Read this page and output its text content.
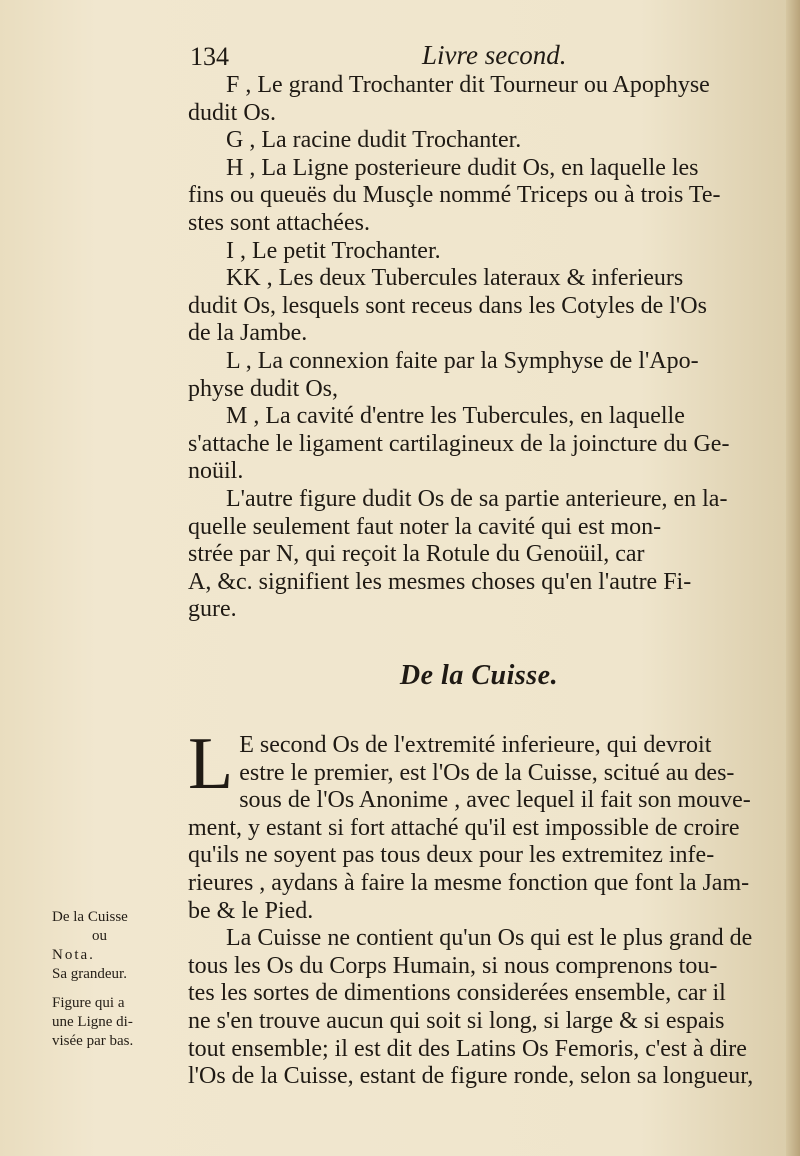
134	Livre second.
F , Le grand Trochanter dit Tourneur ou Apophyse
dudit Os.
G , La racine dudit Trochanter.
H , La Ligne posterieure dudit Os, en laquelle les
fins ou queuës du Musçle nommé Triceps ou à trois Te-
stes sont attachées.
I , Le petit Trochanter.
KK , Les deux Tubercules lateraux & inferieurs
dudit Os, lesquels sont receus dans les Cotyles de l'Os
de la Jambe.
L , La connexion faite par la Symphyse de l'Apo-
physe dudit Os,
M , La cavité d'entre les Tubercules, en laquelle
s'attache le ligament cartilagineux de la joincture du Ge-
noüil.
L'autre figure dudit Os de sa partie anterieure, en la-
quelle seulement faut noter la cavité qui est mon-
strée par N, qui reçoit la Rotule du Genoüil, car
A, &c. signifient les mesmes choses qu'en l'autre Fi-
gure.
De la Cuisse.
L E second Os de l'extremité inferieure, qui devroit
estre le premier, est l'Os de la Cuisse, scitué au des-
sous de l'Os Anonime , avec lequel il fait son mouve-
ment, y estant si fort attaché qu'il est impossible de croire
qu'ils ne soyent pas tous deux pour les extremitez infe-
rieures , aydans à faire la mesme fonction que font la Jam-
be & le Pied.
La Cuisse ne contient qu'un Os qui est le plus grand de
tous les Os du Corps Humain, si nous comprenons tou-
tes les sortes de dimentions considerées ensemble, car il
ne s'en trouve aucun qui soit si long, si large & si espais
tout ensemble; il est dit des Latins Os Femoris, c'est à dire
l'Os de la Cuisse, estant de figure ronde, selon sa longueur,
De la Cuisse
ou
Nota.
Sa grandeur.
Figure qui a
une Ligne di-
visée par bas.
